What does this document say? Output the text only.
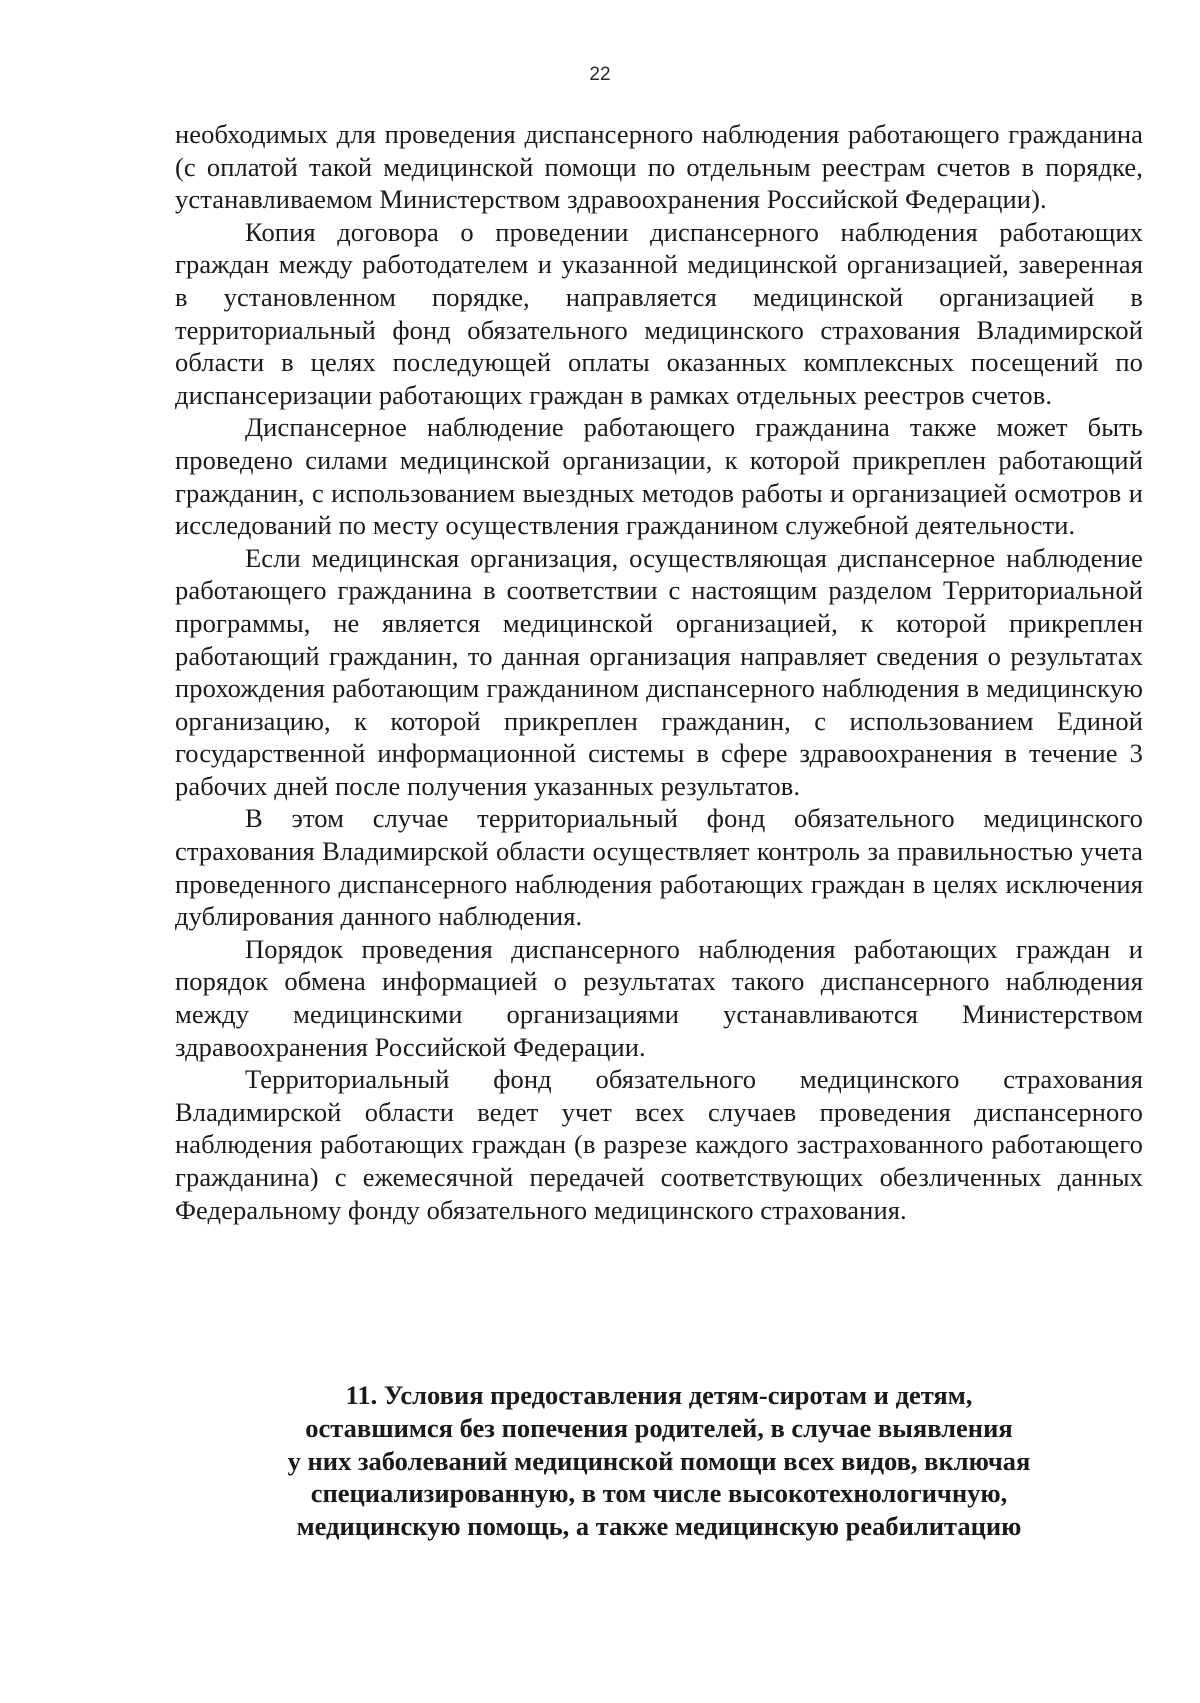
22

необходимых для проведения диспансерного наблюдения работающего гражданина (с оплатой такой медицинской помощи по отдельным реестрам счетов в порядке, устанавливаемом Министерством здравоохранения Российской Федерации).

Копия договора о проведении диспансерного наблюдения работающих граждан между работодателем и указанной медицинской организацией, заверенная в установленном порядке, направляется медицинской организацией в территориальный фонд обязательного медицинского страхования Владимирской области в целях последующей оплаты оказанных комплексных посещений по диспансеризации работающих граждан в рамках отдельных реестров счетов.

Диспансерное наблюдение работающего гражданина также может быть проведено силами медицинской организации, к которой прикреплен работающий гражданин, с использованием выездных методов работы и организацией осмотров и исследований по месту осуществления гражданином служебной деятельности.

Если медицинская организация, осуществляющая диспансерное наблюдение работающего гражданина в соответствии с настоящим разделом Территориальной программы, не является медицинской организацией, к которой прикреплен работающий гражданин, то данная организация направляет сведения о результатах прохождения работающим гражданином диспансерного наблюдения в медицинскую организацию, к которой прикреплен гражданин, с использованием Единой государственной информационной системы в сфере здравоохранения в течение 3 рабочих дней после получения указанных результатов.

В этом случае территориальный фонд обязательного медицинского страхования Владимирской области осуществляет контроль за правильностью учета проведенного диспансерного наблюдения работающих граждан в целях исключения дублирования данного наблюдения.

Порядок проведения диспансерного наблюдения работающих граждан и порядок обмена информацией о результатах такого диспансерного наблюдения между медицинскими организациями устанавливаются Министерством здравоохранения Российской Федерации.

Территориальный фонд обязательного медицинского страхования Владимирской области ведет учет всех случаев проведения диспансерного наблюдения работающих граждан (в разрезе каждого застрахованного работающего гражданина) с ежемесячной передачей соответствующих обезличенных данных Федеральному фонду обязательного медицинского страхования.

11. Условия предоставления детям-сиротам и детям,
оставшимся без попечения родителей, в случае выявления
у них заболеваний медицинской помощи всех видов, включая
специализированную, в том числе высокотехнологичную,
медицинскую помощь, а также медицинскую реабилитацию
